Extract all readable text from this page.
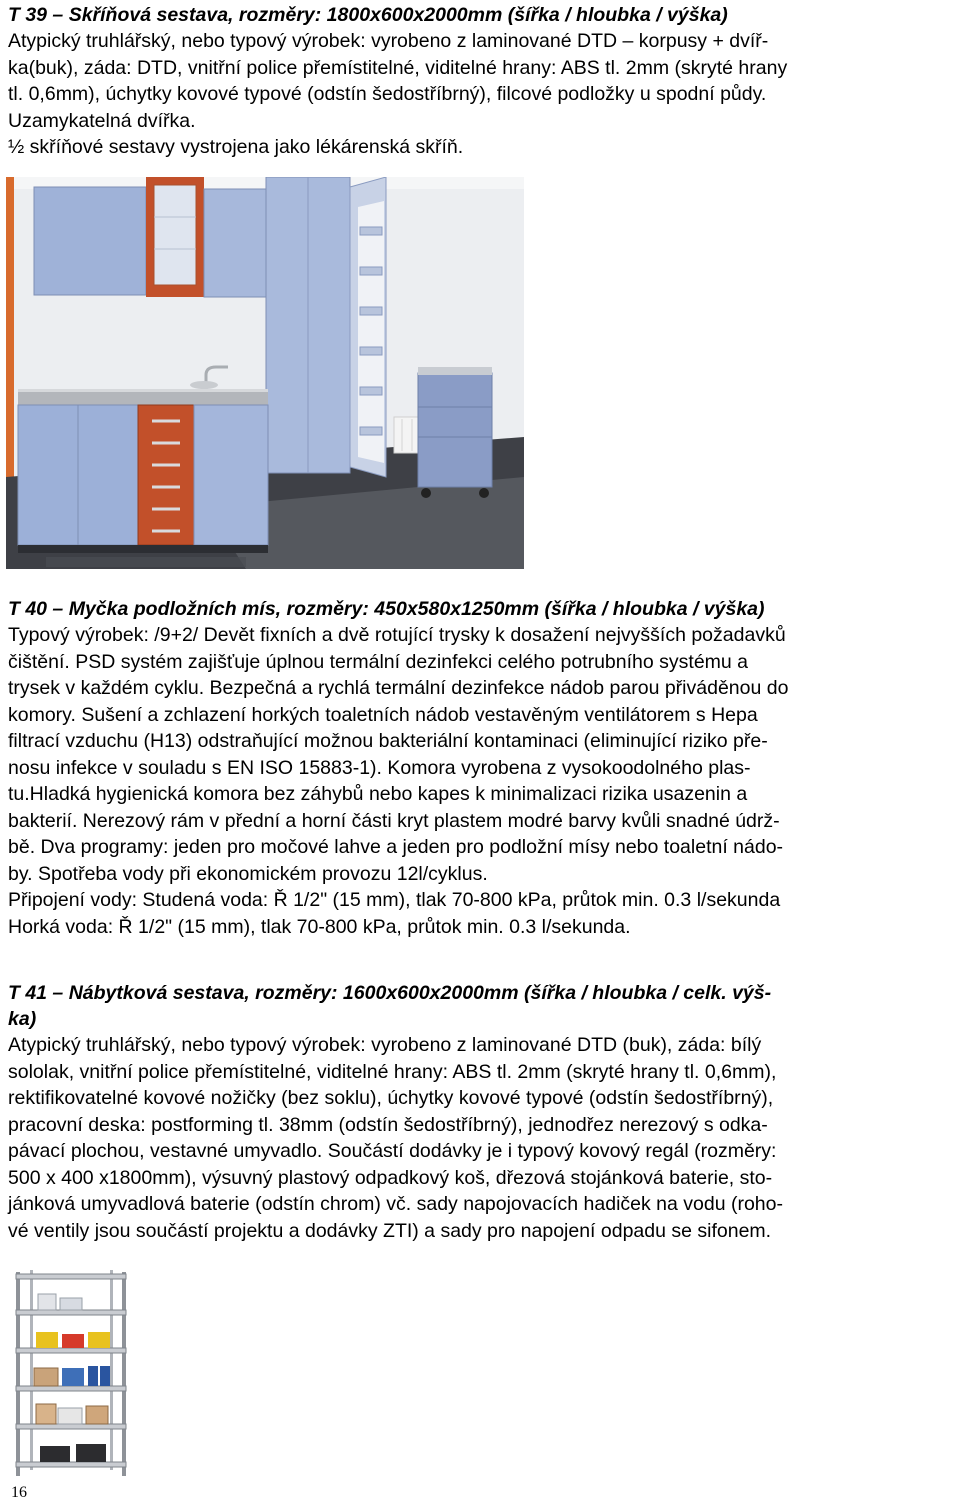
T 39 – Skříňová sestava, rozměry: 1800x600x2000mm (šířka / hloubka / výška)

Atypický truhlářský, nebo typový výrobek: vyrobeno z laminované DTD – korpusy + dvíř-
ka(buk), záda: DTD, vnitřní police přemístitelné, viditelné hrany: ABS tl. 2mm (skryté hrany
tl. 0,6mm), úchytky kovové typové (odstín šedostříbrný), filcové podložky u spodní půdy.
Uzamykatelná dvířka.
½ skříňové sestavy vystrojena jako lékárenská skříň.

T 40 – Myčka podložních mís, rozměry: 450x580x1250mm (šířka / hloubka / výška)

Typový výrobek: /9+2/ Devět fixních a dvě rotující trysky k dosažení nejvyšších požadavků
čištění. PSD systém zajišťuje úplnou termální dezinfekci celého potrubního systému a
trysek v každém cyklu. Bezpečná a rychlá termální dezinfekce nádob parou přiváděnou do
komory. Sušení a zchlazení horkých toaletních nádob vestavěným ventilátorem s Hepa
filtrací vzduchu (H13) odstraňující možnou bakteriální kontaminaci (eliminující riziko pře-
nosu infekce v souladu s EN ISO 15883-1). Komora vyrobena z vysokoodolného plas-
tu.Hladká hygienická komora bez záhybů nebo kapes k minimalizaci rizika usazenin a
bakterií. Nerezový rám v přední a horní části kryt plastem modré barvy kvůli snadné údrž-
bě. Dva programy: jeden pro močové lahve a jeden pro podložní mísy nebo toaletní nádo-
by. Spotřeba vody při ekonomickém provozu 12l/cyklus.
Připojení vody: Studená voda: Ř 1/2" (15 mm), tlak 70-800 kPa, průtok min. 0.3 l/sekunda
Horká voda: Ř 1/2" (15 mm), tlak 70-800 kPa, průtok min. 0.3 l/sekunda.

T 41 – Nábytková sestava, rozměry: 1600x600x2000mm (šířka / hloubka / celk. výš-
ka)

Atypický truhlářský, nebo typový výrobek: vyrobeno z laminované DTD (buk), záda: bílý
sololak, vnitřní police přemístitelné, viditelné hrany: ABS tl. 2mm (skryté hrany tl. 0,6mm),
rektifikovatelné kovové nožičky (bez soklu), úchytky kovové typové (odstín šedostříbrný),
pracovní deska: postforming tl. 38mm (odstín šedostříbrný), jednodřez nerezový s odka-
pávací plochou, vestavné umyvadlo. Součástí dodávky je i typový kovový regál (rozměry:
500 x 400 x1800mm), výsuvný plastový odpadkový koš, dřezová stojánková baterie, sto-
jánková umyvadlová baterie (odstín chrom) vč. sady napojovacích hadiček na vodu (roho-
vé ventily jsou součástí projektu a dodávky ZTI) a sady pro napojení odpadu se sifonem.
16
